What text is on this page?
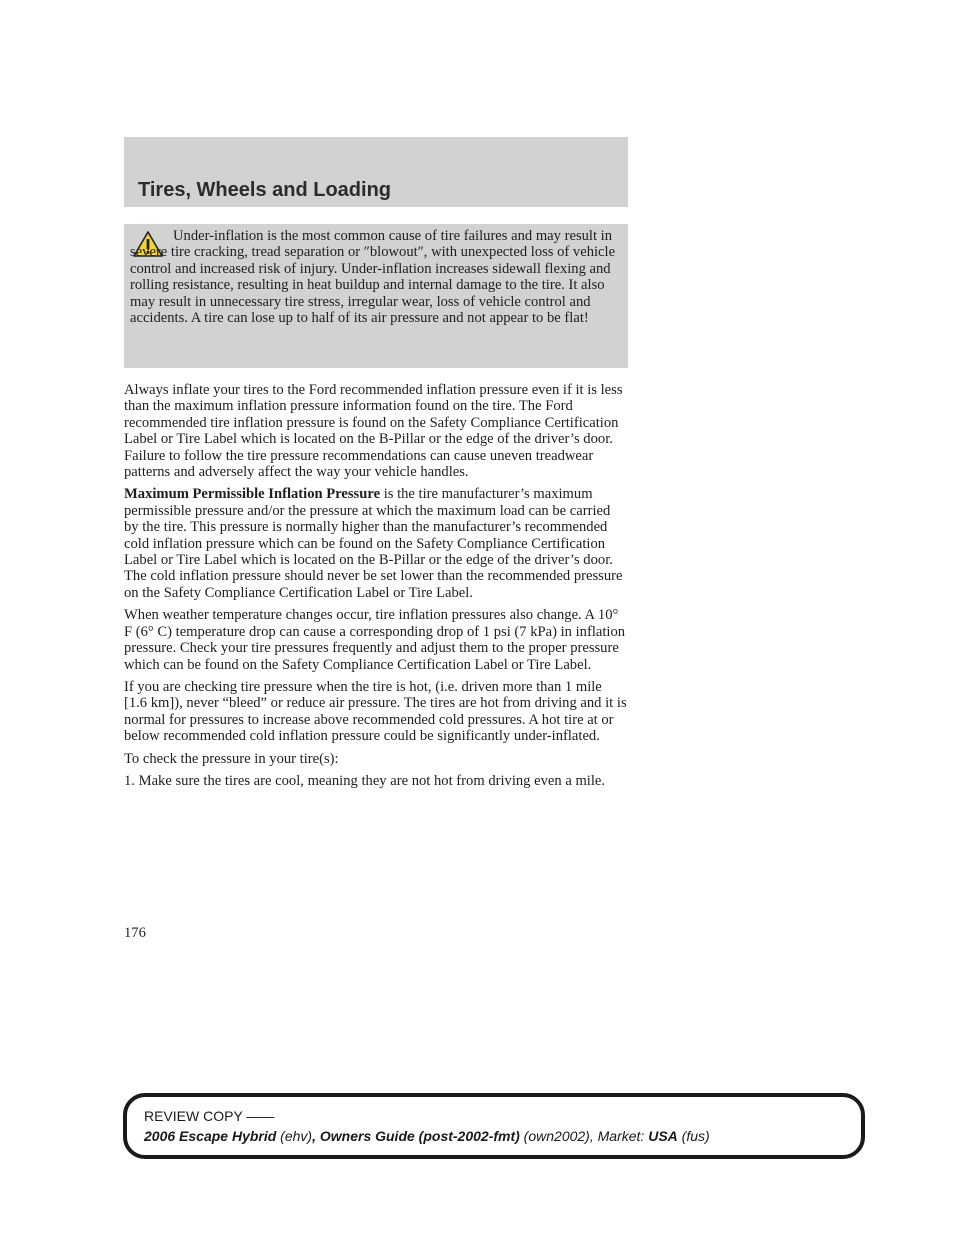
Tires, Wheels and Loading

Under-inflation is the most common cause of tire failures and may result in severe tire cracking, tread separation or ″blowout″, with unexpected loss of vehicle control and increased risk of injury. Under-inflation increases sidewall flexing and rolling resistance, resulting in heat buildup and internal damage to the tire. It also may result in unnecessary tire stress, irregular wear, loss of vehicle control and accidents. A tire can lose up to half of its air pressure and not appear to be flat!

Always inflate your tires to the Ford recommended inflation pressure even if it is less than the maximum inflation pressure information found on the tire. The Ford recommended tire inflation pressure is found on the Safety Compliance Certification Label or Tire Label which is located on the B-Pillar or the edge of the driver’s door. Failure to follow the tire pressure recommendations can cause uneven treadwear patterns and adversely affect the way your vehicle handles.

Maximum Permissible Inflation Pressure is the tire manufacturer’s maximum permissible pressure and/or the pressure at which the maximum load can be carried by the tire. This pressure is normally higher than the manufacturer’s recommended cold inflation pressure which can be found on the Safety Compliance Certification Label or Tire Label which is located on the B-Pillar or the edge of the driver’s door. The cold inflation pressure should never be set lower than the recommended pressure on the Safety Compliance Certification Label or Tire Label.

When weather temperature changes occur, tire inflation pressures also change. A 10° F (6° C) temperature drop can cause a corresponding drop of 1 psi (7 kPa) in inflation pressure. Check your tire pressures frequently and adjust them to the proper pressure which can be found on the Safety Compliance Certification Label or Tire Label.

If you are checking tire pressure when the tire is hot, (i.e. driven more than 1 mile [1.6 km]), never “bleed” or reduce air pressure. The tires are hot from driving and it is normal for pressures to increase above recommended cold pressures. A hot tire at or below recommended cold inflation pressure could be significantly under-inflated.

To check the pressure in your tire(s):

1. Make sure the tires are cool, meaning they are not hot from driving even a mile.

176

REVIEW COPY ——

2006 Escape Hybrid (ehv), Owners Guide (post-2002-fmt) (own2002), Market: USA (fus)
